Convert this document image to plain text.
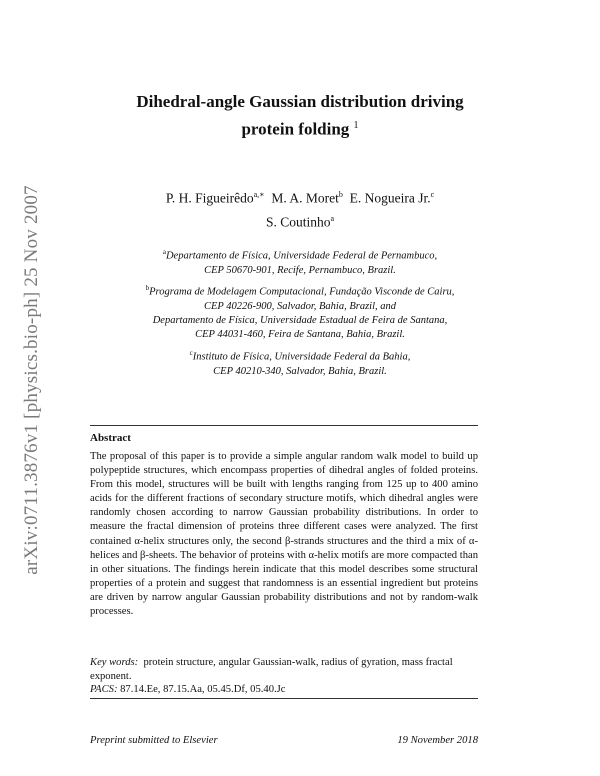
arXiv:0711.3876v1 [physics.bio-ph] 25 Nov 2007
Dihedral-angle Gaussian distribution driving
protein folding $^1$
P. H. Figueirêdo$^{a,∗}$ M. A. Moret$^b$ E. Nogueira Jr.$^c$
S. Coutinho$^a$
$^a$Departamento de Física, Universidade Federal de Pernambuco,
CEP 50670-901, Recife, Pernambuco, Brazil.
$^b$Programa de Modelagem Computacional, Fundação Visconde de Cairu,
CEP 40226-900, Salvador, Bahia, Brazil, and
Departamento de Física, Universidade Estadual de Feira de Santana,
CEP 44031-460, Feira de Santana, Bahia, Brazil.
$^c$Instituto de Física, Universidade Federal da Bahia,
CEP 40210-340, Salvador, Bahia, Brazil.
Abstract
The proposal of this paper is to provide a simple angular random walk model to build up polypeptide structures, which encompass properties of dihedral angles of folded proteins. From this model, structures will be built with lengths ranging from 125 up to 400 amino acids for the different fractions of secondary structure motifs, which dihedral angles were randomly chosen according to narrow Gaussian probability distributions. In order to measure the fractal dimension of proteins three different cases were analyzed. The first contained α-helix structures only, the second β-strands structures and the third a mix of α-helices and β-sheets. The behavior of proteins with α-helix motifs are more compacted than in other situations. The findings herein indicate that this model describes some structural properties of a protein and suggest that randomness is an essential ingredient but proteins are driven by narrow angular Gaussian probability distributions and not by random-walk processes.
Key words: protein structure, angular Gaussian-walk, radius of gyration, mass fractal exponent.
PACS: 87.14.Ee, 87.15.Aa, 05.45.Df, 05.40.Jc
Preprint submitted to Elsevier	19 November 2018
